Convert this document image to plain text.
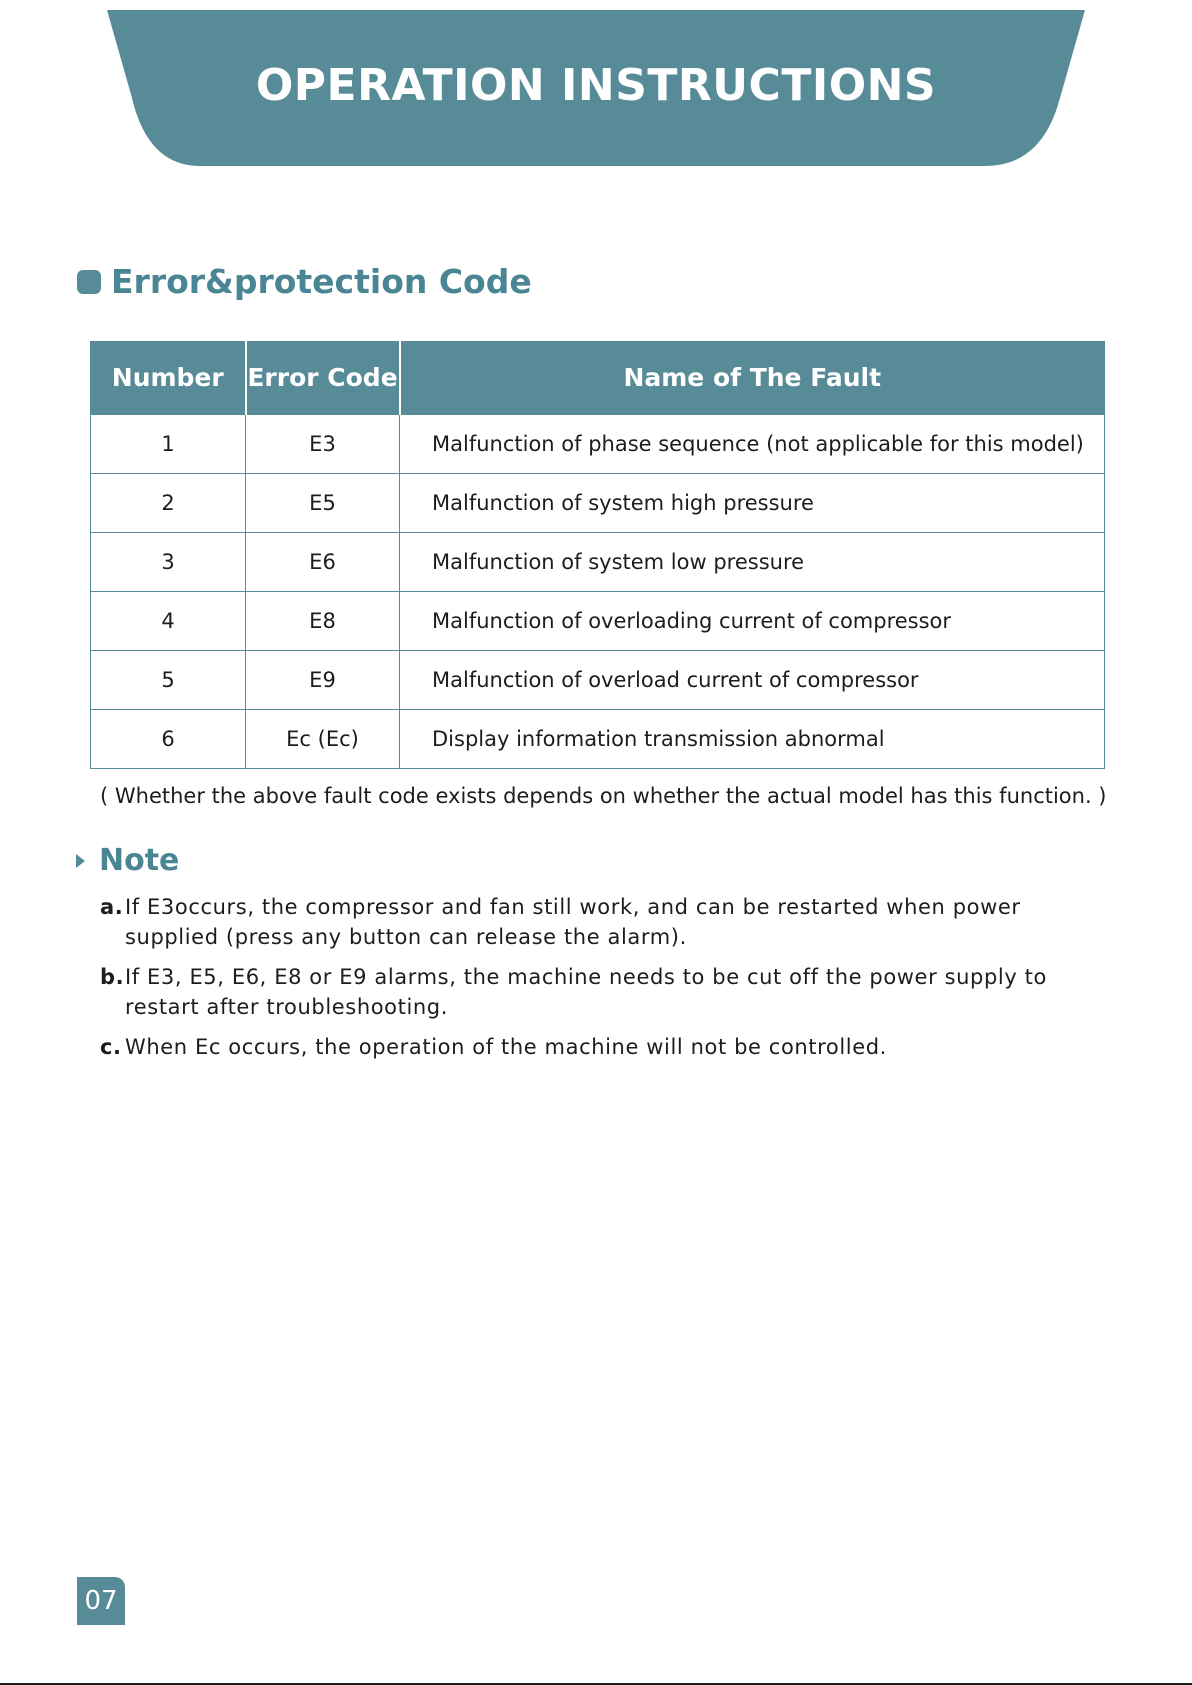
OPERATION INSTRUCTIONS
Error&protection Code
Number	Error Code	Name of The Fault
1	E3	Malfunction of phase sequence (not applicable for this model)
2	E5	Malfunction of system high pressure
3	E6	Malfunction of system low pressure
4	E8	Malfunction of overloading current of compressor
5	E9	Malfunction of overload current of compressor
6	Ec (Ec)	Display information transmission abnormal
( Whether the above fault code exists depends on whether the actual model has this function. )
Note
a. If E3occurs, the compressor and fan still work, and can be restarted when power supplied (press any button can release the alarm).
b. If E3, E5, E6, E8 or E9 alarms, the machine needs to be cut off the power supply to restart after troubleshooting.
c. When Ec occurs, the operation of the machine will not be controlled.
07
